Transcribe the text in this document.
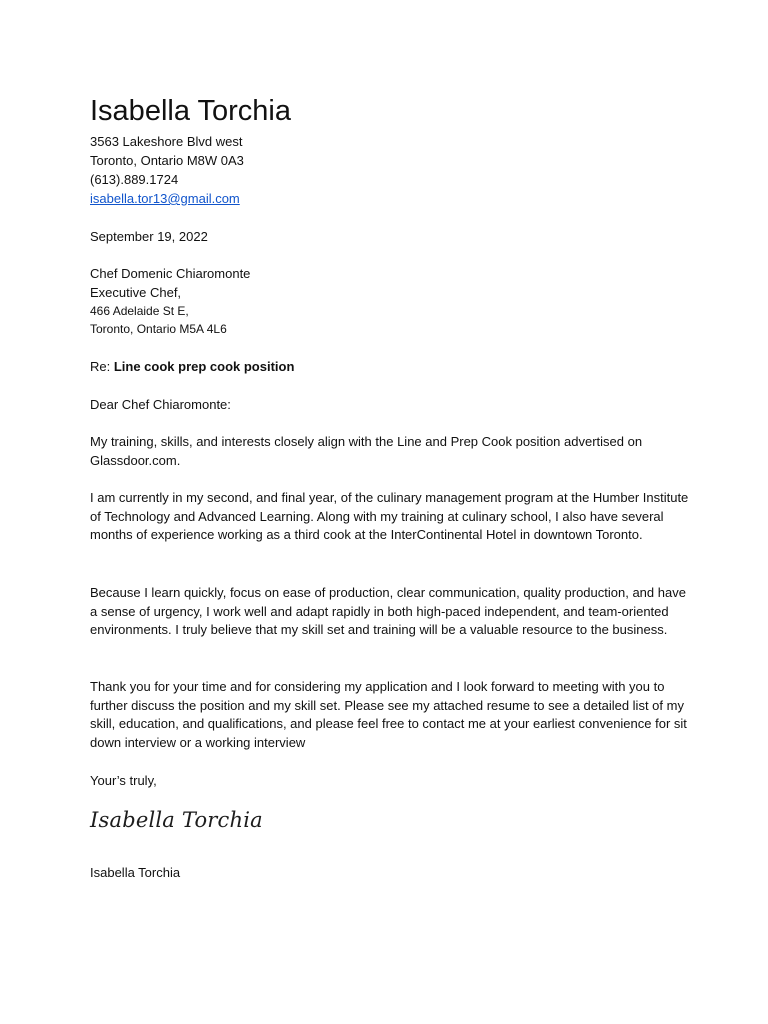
Isabella Torchia
3563 Lakeshore Blvd west
Toronto, Ontario M8W 0A3
(613).889.1724
isabella.tor13@gmail.com
September 19, 2022
Chef Domenic Chiaromonte
Executive Chef,
466 Adelaide St E,
Toronto, Ontario M5A 4L6
Re: Line cook prep cook position
Dear Chef Chiaromonte:
My training, skills, and interests closely align with the Line and Prep Cook position advertised on Glassdoor.com.
I am currently in my second, and final year, of the culinary management program at the Humber Institute of Technology and Advanced Learning. Along with my training at culinary school, I also have several months of experience working as a third cook at the InterContinental Hotel in downtown Toronto.
Because I learn quickly, focus on ease of production, clear communication, quality production, and have a sense of urgency, I work well and adapt rapidly in both high-paced independent, and team-oriented environments. I truly believe that my skill set and training will be a valuable resource to the business.
Thank you for your time and for considering my application and I look forward to meeting with you to further discuss the position and my skill set. Please see my attached resume to see a detailed list of my skill, education, and qualifications, and please feel free to contact me at your earliest convenience for sit down interview or a working interview
Your’s truly,
Isabella Torchia
Isabella Torchia
